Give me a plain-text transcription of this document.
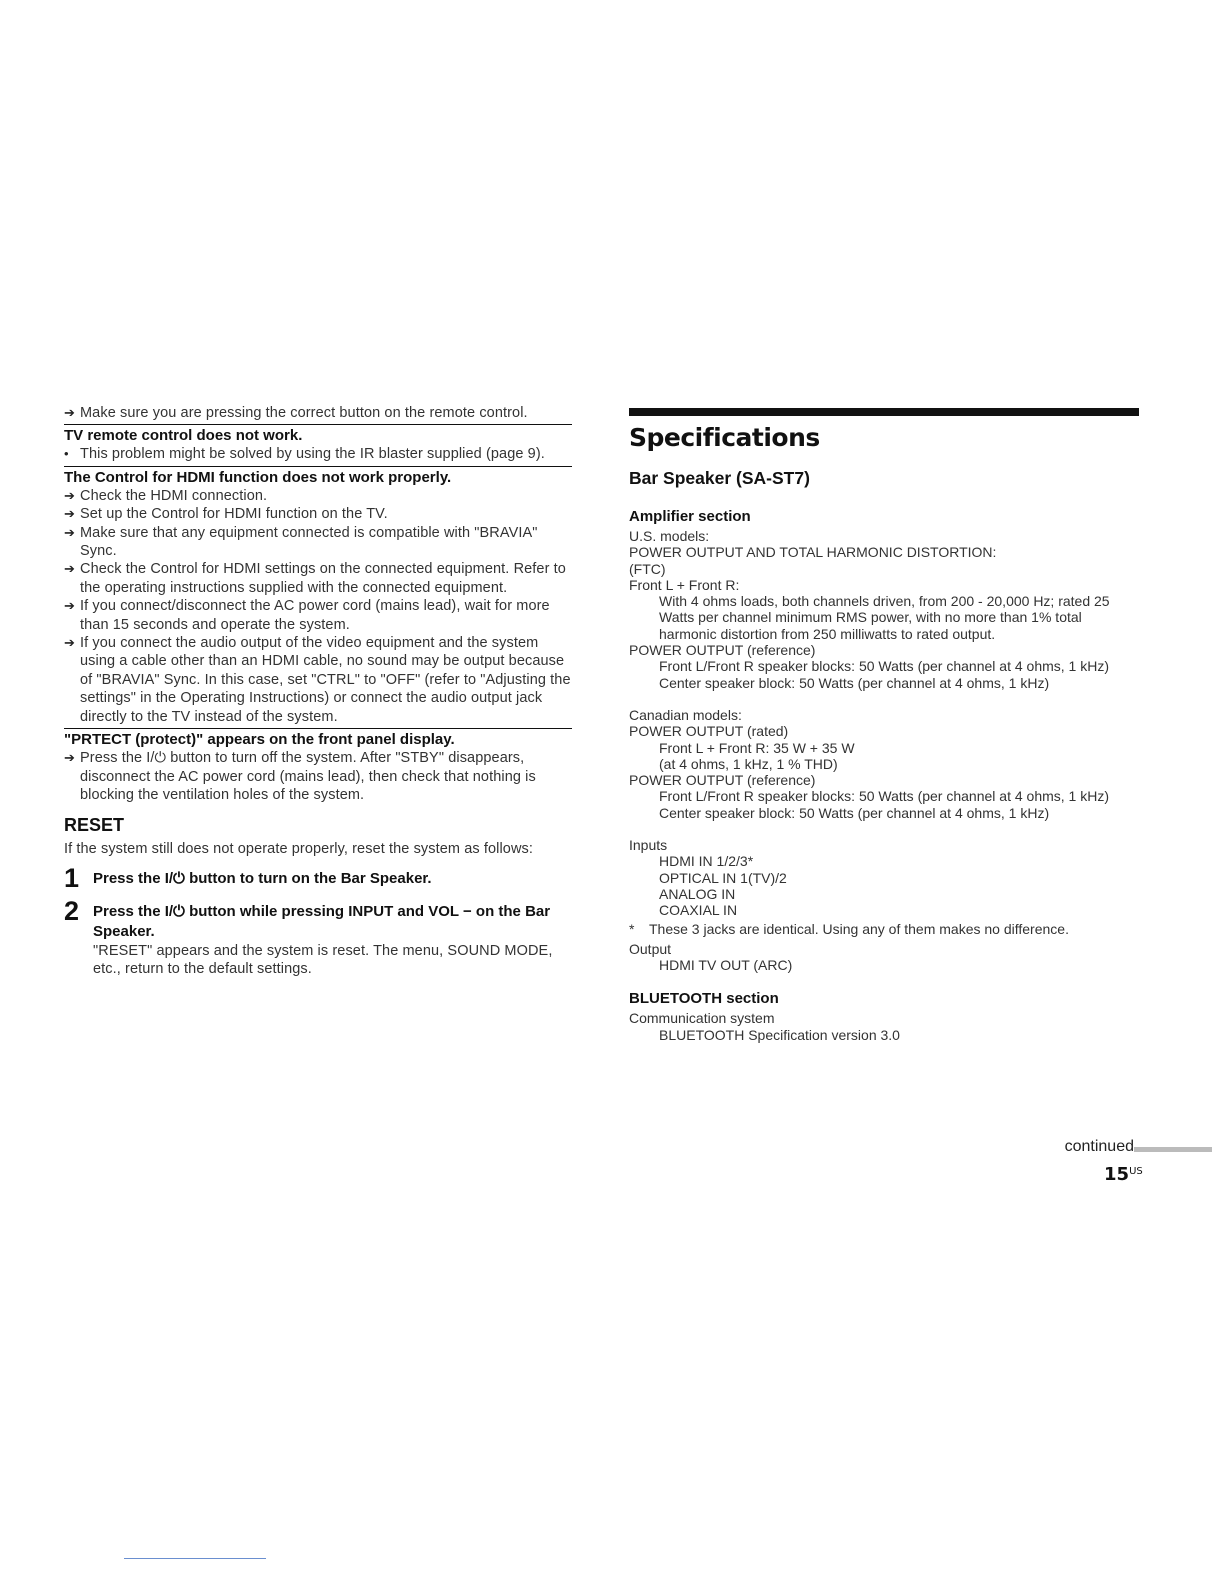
➔ Make sure you are pressing the correct button on the remote control.
TV remote control does not work.
• This problem might be solved by using the IR blaster supplied (page 9).
The Control for HDMI function does not work properly.
➔ Check the HDMI connection.
➔ Set up the Control for HDMI function on the TV.
➔ Make sure that any equipment connected is compatible with "BRAVIA" Sync.
➔ Check the Control for HDMI settings on the connected equipment. Refer to the operating instructions supplied with the connected equipment.
➔ If you connect/disconnect the AC power cord (mains lead), wait for more than 15 seconds and operate the system.
➔ If you connect the audio output of the video equipment and the system using a cable other than an HDMI cable, no sound may be output because of "BRAVIA" Sync. In this case, set "CTRL" to "OFF" (refer to "Adjusting the settings" in the Operating Instructions) or connect the audio output jack directly to the TV instead of the system.
"PRTECT (protect)" appears on the front panel display.
➔ Press the I/⏻ button to turn off the system. After "STBY" disappears, disconnect the AC power cord (mains lead), then check that nothing is blocking the ventilation holes of the system.
RESET
If the system still does not operate properly, reset the system as follows:
1 Press the I/⏻ button to turn on the Bar Speaker.
2 Press the I/⏻ button while pressing INPUT and VOL − on the Bar Speaker.
"RESET" appears and the system is reset. The menu, SOUND MODE, etc., return to the default settings.
Specifications
Bar Speaker (SA-ST7)
Amplifier section
U.S. models:
POWER OUTPUT AND TOTAL HARMONIC DISTORTION:
(FTC)
Front L + Front R:
With 4 ohms loads, both channels driven, from 200 - 20,000 Hz; rated 25 Watts per channel minimum RMS power, with no more than 1% total harmonic distortion from 250 milliwatts to rated output.
POWER OUTPUT (reference)
Front L/Front R speaker blocks: 50 Watts (per channel at 4 ohms, 1 kHz)
Center speaker block: 50 Watts (per channel at 4 ohms, 1 kHz)
Canadian models:
POWER OUTPUT (rated)
Front L + Front R: 35 W + 35 W
(at 4 ohms, 1 kHz, 1 % THD)
POWER OUTPUT (reference)
Front L/Front R speaker blocks: 50 Watts (per channel at 4 ohms, 1 kHz)
Center speaker block: 50 Watts (per channel at 4 ohms, 1 kHz)
Inputs
HDMI IN 1/2/3*
OPTICAL IN 1(TV)/2
ANALOG IN
COAXIAL IN
*	These 3 jacks are identical. Using any of them makes no difference.
Output
HDMI TV OUT (ARC)
BLUETOOTH section
Communication system
BLUETOOTH Specification version 3.0
continued
$15^{US}$
